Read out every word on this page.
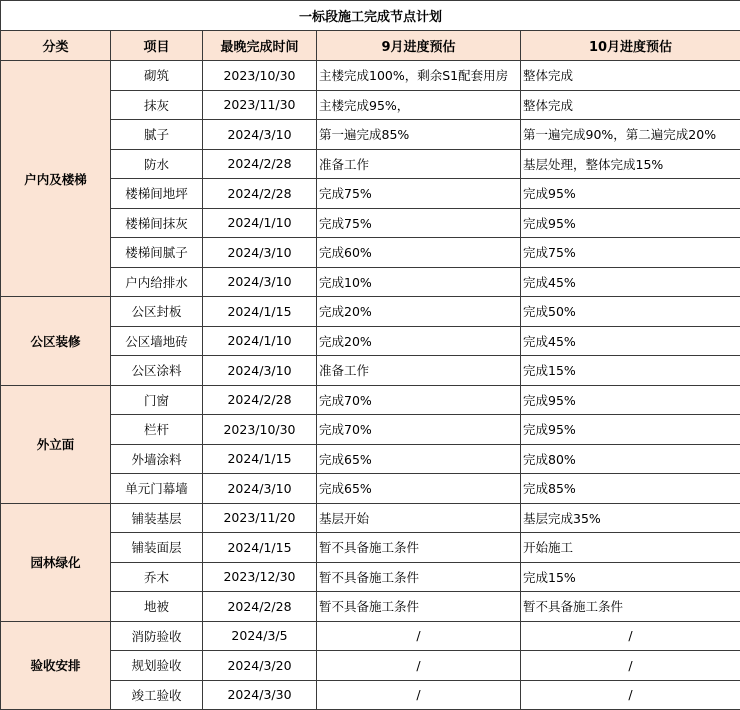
一标段施工完成节点计划				
分类	项目	最晚完成时间	9月进度预估	10月进度预估
户内及楼梯	砌筑	2023/10/30	主楼完成100%，剩余S1配套用房	整体完成
	抹灰	2023/11/30	主楼完成95%，	整体完成
	腻子	2024/3/10	第一遍完成85%	第一遍完成90%，第二遍完成20%
	防水	2024/2/28	准备工作	基层处理，整体完成15%
	楼梯间地坪	2024/2/28	完成75%	完成95%
	楼梯间抹灰	2024/1/10	完成75%	完成95%
	楼梯间腻子	2024/3/10	完成60%	完成75%
	户内给排水	2024/3/10	完成10%	完成45%
公区装修	公区封板	2024/1/15	完成20%	完成50%
	公区墙地砖	2024/1/10	完成20%	完成45%
	公区涂料	2024/3/10	准备工作	完成15%
外立面	门窗	2024/2/28	完成70%	完成95%
	栏杆	2023/10/30	完成70%	完成95%
	外墙涂料	2024/1/15	完成65%	完成80%
	单元门幕墙	2024/3/10	完成65%	完成85%
园林绿化	铺装基层	2023/11/20	基层开始	基层完成35%
	铺装面层	2024/1/15	暂不具备施工条件	开始施工
	乔木	2023/12/30	暂不具备施工条件	完成15%
	地被	2024/2/28	暂不具备施工条件	暂不具备施工条件
验收安排	消防验收	2024/3/5	/	/
	规划验收	2024/3/20	/	/
	竣工验收	2024/3/30	/	/
